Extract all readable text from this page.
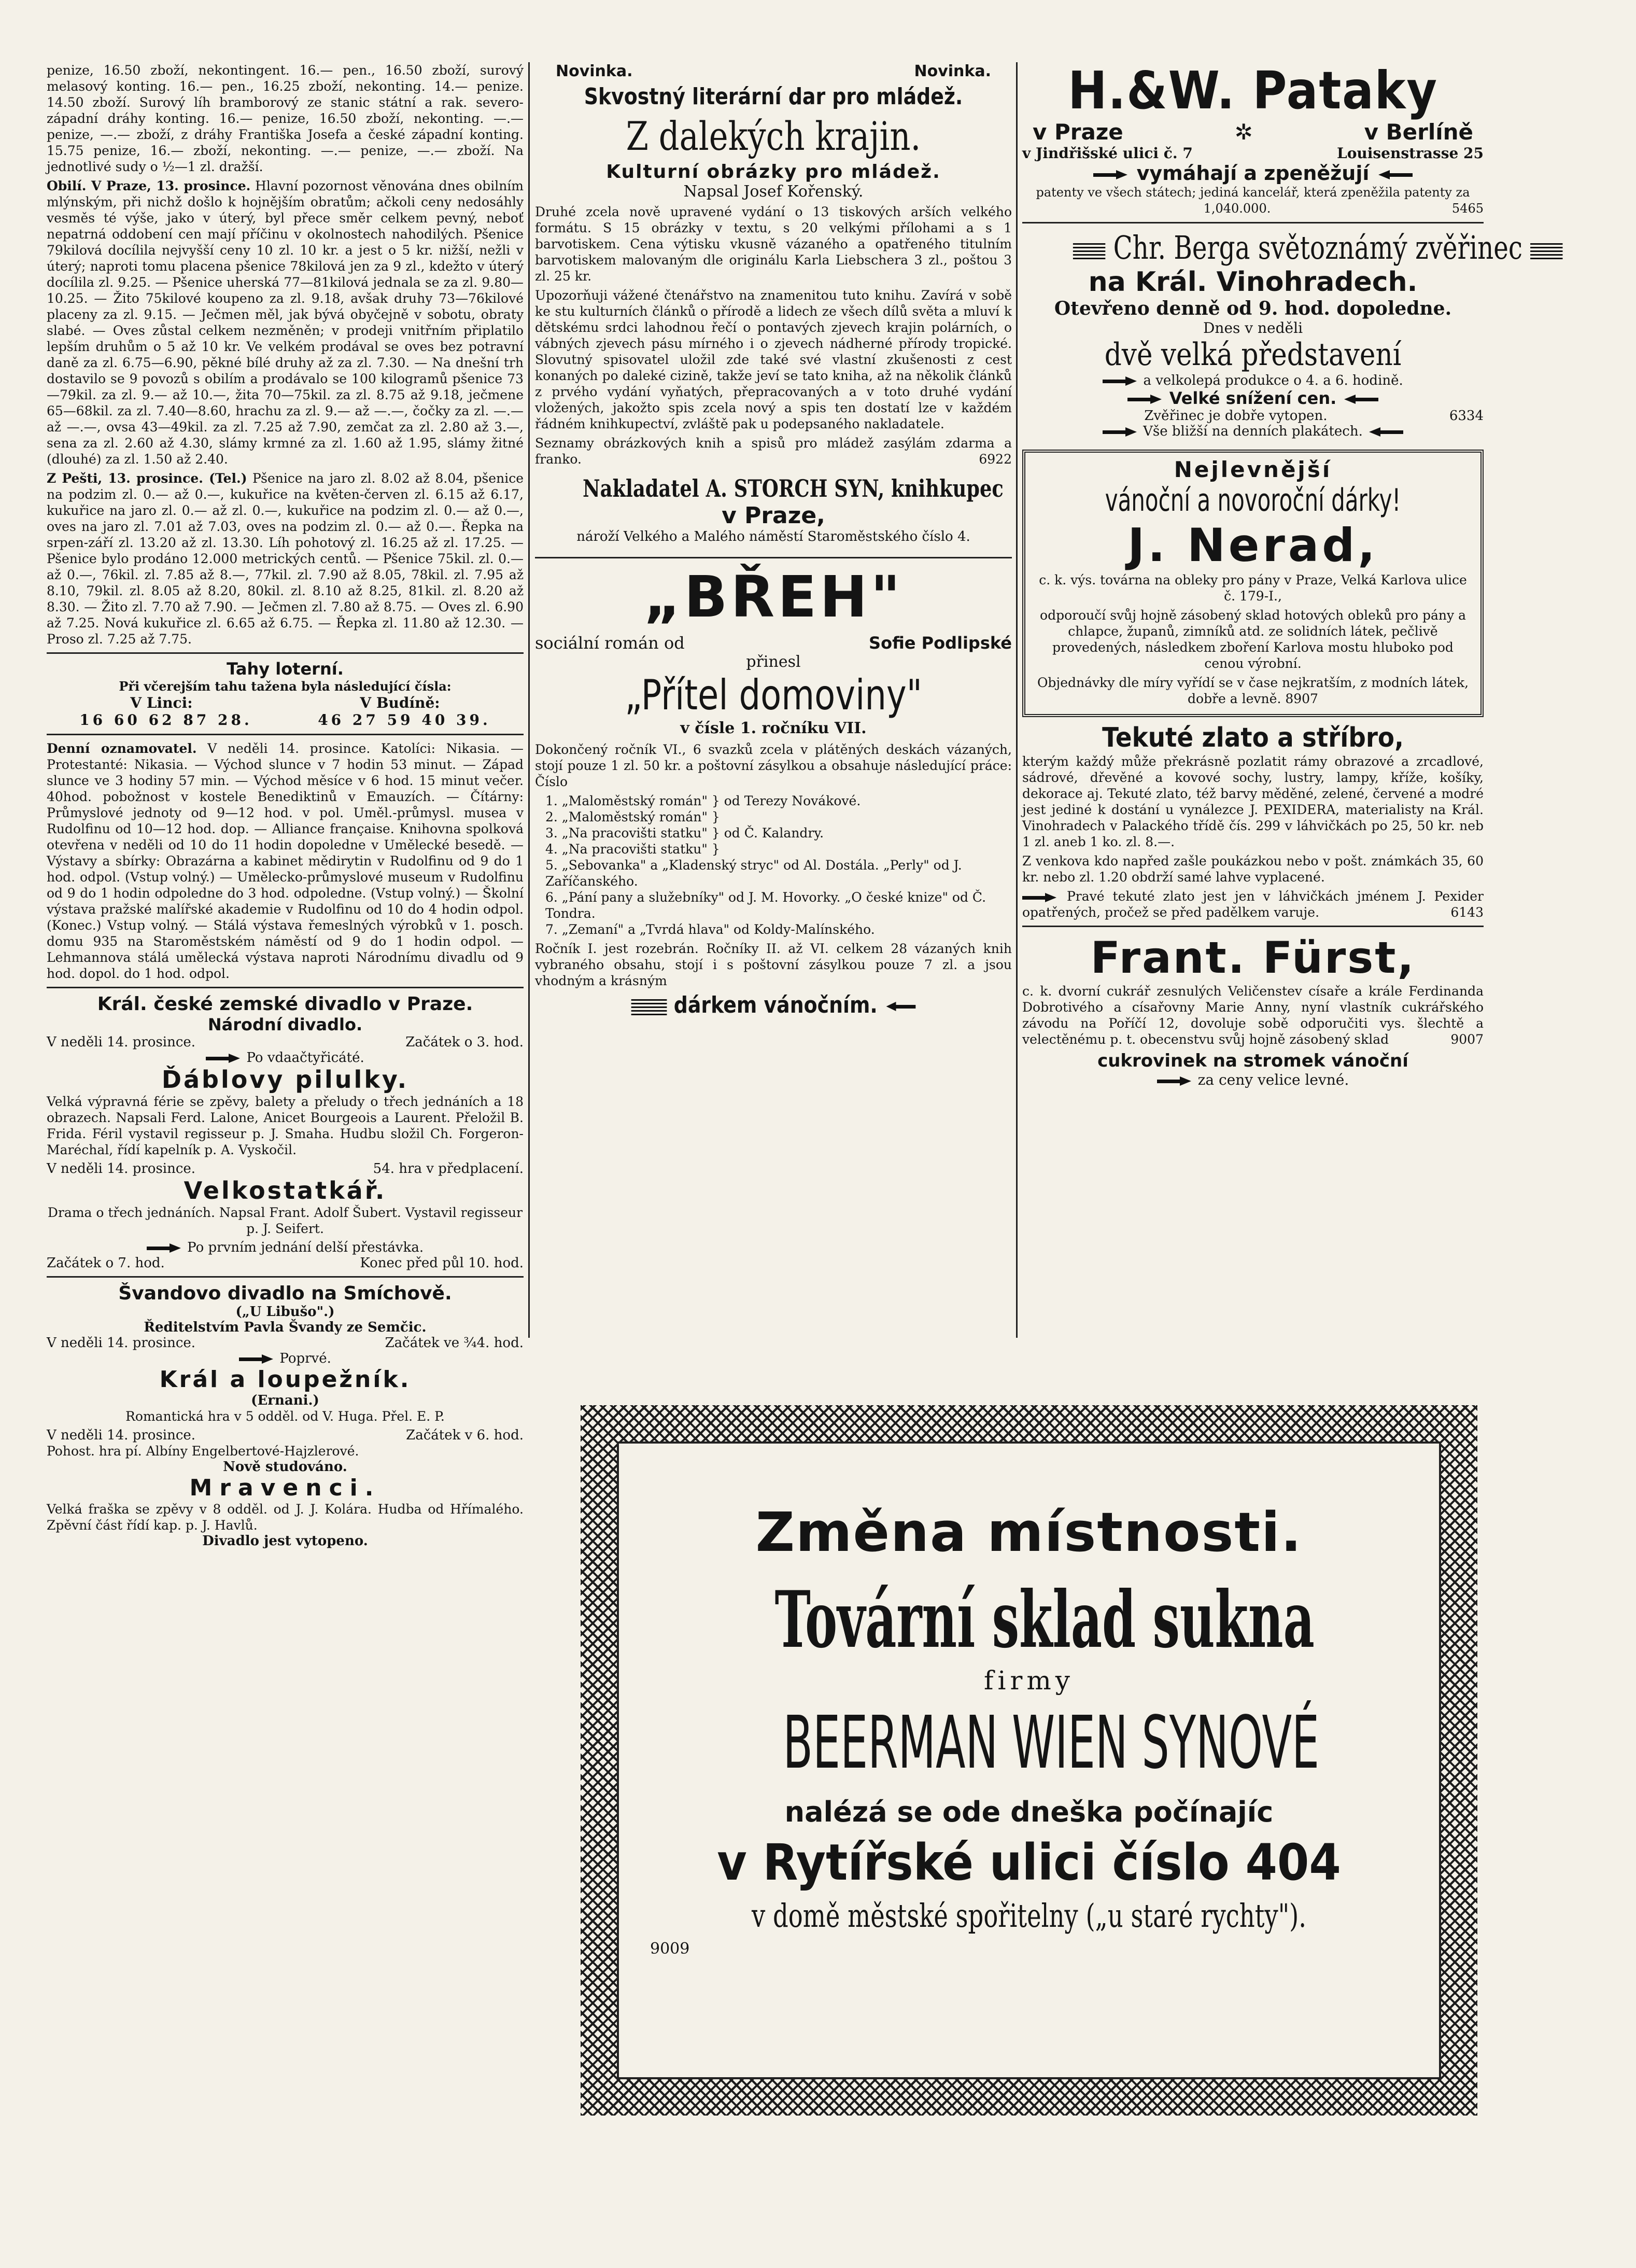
penize, 16.50 zboží, nekontingent. 16.— pen., 16.50 zboží, surový melasový konting. 16.— pen., 16.25 zboží, nekonting. 14.— penize. 14.50 zboží. Surový líh bramborový ze stanic státní a rak. severo-západní dráhy konting. 16.— penize, 16.50 zboží, nekonting. —.— penize, —.— zboží, z dráhy Františka Josefa a české západní konting. 15.75 penize, 16.— zboží, nekonting. —.— penize, —.— zboží. Na jednotlivé sudy o ½—1 zl. dražší.

Obilí. V Praze, 13. prosince. Hlavní pozornost věnována dnes obilním mlýnským, při nichž došlo k hojnějším obratům; ačkoli ceny nedosáhly vesměs té výše, jako v úterý, byl přece směr celkem pevný, neboť nepatrná oddobení cen mají příčinu v okolnostech nahodilých. Pšenice 79kilová docílila nejvyšší ceny 10 zl. 10 kr. a jest o 5 kr. nižší, nežli v úterý; naproti tomu placena pšenice 78kilová jen za 9 zl., kdežto v úterý docílila zl. 9.25. — Pšenice uherská 77—81kilová jednala se za zl. 9.80—10.25. — Žito 75kilové koupeno za zl. 9.18, avšak druhy 73—76kilové placeny za zl. 9.15. — Ječmen měl, jak bývá obyčejně v sobotu, obraty slabé. — Oves zůstal celkem nezměněn; v prodeji vnitřním připlatilo lepším druhům o 5 až 10 kr. Ve velkém prodával se oves bez potravní daně za zl. 6.75—6.90, pěkné bílé druhy až za zl. 7.30. — Na dnešní trh dostavilo se 9 povozů s obilím a prodávalo se 100 kilogramů pšenice 73—79kil. za zl. 9.— až 10.—, žita 70—75kil. za zl. 8.75 až 9.18, ječmene 65—68kil. za zl. 7.40—8.60, hrachu za zl. 9.— až —.—, čočky za zl. —.— až —.—, ovsa 43—49kil. za zl. 7.25 až 7.90, zemčat za zl. 2.80 až 3.—, sena za zl. 2.60 až 4.30, slámy krmné za zl. 1.60 až 1.95, slámy žitné (dlouhé) za zl. 1.50 až 2.40.

Z Pešti, 13. prosince. (Tel.) Pšenice na jaro zl. 8.02 až 8.04, pšenice na podzim zl. 0.— až 0.—, kukuřice na květen-červen zl. 6.15 až 6.17, kukuřice na jaro zl. 0.— až zl. 0.—, kukuřice na podzim zl. 0.— až 0.—, oves na jaro zl. 7.01 až 7.03, oves na podzim zl. 0.— až 0.—. Řepka na srpen-září zl. 13.20 až zl. 13.30. Líh pohotový zl. 16.25 až zl. 17.25. — Pšenice bylo prodáno 12.000 metrických centů. — Pšenice 75kil. zl. 0.— až 0.—, 76kil. zl. 7.85 až 8.—, 77kil. zl. 7.90 až 8.05, 78kil. zl. 7.95 až 8.10, 79kil. zl. 8.05 až 8.20, 80kil. zl. 8.10 až 8.25, 81kil. zl. 8.20 až 8.30. — Žito zl. 7.70 až 7.90. — Ječmen zl. 7.80 až 8.75. — Oves zl. 6.90 až 7.25. Nová kukuřice zl. 6.65 až 6.75. — Řepka zl. 11.80 až 12.30. — Proso zl. 7.25 až 7.75.

Tahy loterní.
Při včerejším tahu tažena byla následující čísla:
V Linci:	V Budíně:
16 60 62 87 28.	46 27 59 40 39.

Denní oznamovatel. V neděli 14. prosince. Katolíci: Nikasia. — Protestanté: Nikasia. — Východ slunce v 7 hodin 53 minut. — Západ slunce ve 3 hodiny 57 min. — Východ měsíce v 6 hod. 15 minut večer. 40hod. pobožnost v kostele Benediktinů v Emauzích. — Čítárny: Průmyslové jednoty od 9—12 hod. v pol. Uměl.-průmysl. musea v Rudolfinu od 10—12 hod. dop. — Alliance française. Knihovna spolková otevřena v neděli od 10 do 11 hodin dopoledne v Umělecké besedě. — Výstavy a sbírky: Obrazárna a kabinet mědirytin v Rudolfinu od 9 do 1 hod. odpol. (Vstup volný.) — Umělecko-průmyslové museum v Rudolfinu od 9 do 1 hodin odpoledne do 3 hod. odpoledne. (Vstup volný.) — Školní výstava pražské malířské akademie v Rudolfinu od 10 do 4 hodin odpol. (Konec.) Vstup volný. — Stálá výstava řemeslných výrobků v 1. posch. domu 935 na Staroměstském náměstí od 9 do 1 hodin odpol. — Lehmannova stálá umělecká výstava naproti Národnímu divadlu od 9 hod. dopol. do 1 hod. odpol.

Král. české zemské divadlo v Praze.
Národní divadlo.
V neděli 14. prosince.	Začátek o 3. hod.
Po vdaačtyřicáté.
Ďáblovy pilulky.

Velká výpravná férie se zpěvy, balety a přeludy o třech jednáních a 18 obrazech. Napsali Ferd. Lalone, Anicet Bourgeois a Laurent. Přeložil B. Frida. Féril vystavil regisseur p. J. Smaha. Hudbu složil Ch. Forgeron-Maréchal, řídí kapelník p. A. Vyskočil.

V neděli 14. prosince.	54. hra v předplacení.
Velkostatkář.

Drama o třech jednáních. Napsal Frant. Adolf Šubert. Vystavil regisseur p. J. Seifert.

Po prvním jednání delší přestávka.
Začátek o 7. hod.	Konec před půl 10. hod.
Švandovo divadlo na Smíchově.
(„U Libušo".)
Ředitelstvím Pavla Švandy ze Semčic.
V neděli 14. prosince.	Začátek ve ¾4. hod.
Poprvé.
Král a loupežník.
(Ernani.)

Romantická hra v 5 odděl. od V. Huga. Přel. E. P.

V neděli 14. prosince.	Začátek v 6. hod.

Pohost. hra pí. Albíny Engelbertové-Hajzlerové.

Nově studováno.
Mravenci.

Velká fraška se zpěvy v 8 odděl. od J. J. Kolára. Hudba od Hřímalého. Zpěvní část řídí kap. p. J. Havlů.

Divadlo jest vytopeno.
Novinka.	Novinka.
Skvostný literární dar pro mládež.
Z dalekých krajin.
Kulturní obrázky pro mládež.
Napsal Josef Kořenský.

Druhé zcela nově upravené vydání o 13 tiskových arších velkého formátu. S 15 obrázky v textu, s 20 velkými přílohami a s 1 barvotiskem. Cena výtisku vkusně vázaného a opatřeného titulním barvotiskem malovaným dle originálu Karla Liebschera 3 zl., poštou 3 zl. 25 kr.

Upozorňuji vážené čtenářstvo na znamenitou tuto knihu. Zavírá v sobě ke stu kulturních článků o přírodě a lidech ze všech dílů světa a mluví k dětskému srdci lahodnou řečí o pontavých zjevech krajin polárních, o vábných zjevech pásu mírného i o zjevech nádherné přírody tropické. Slovutný spisovatel uložil zde také své vlastní zkušenosti z cest konaných po daleké cizině, takže jeví se tato kniha, až na několik článků z prvého vydání vyňatých, přepracovaných a v toto druhé vydání vložených, jakožto spis zcela nový a spis ten dostatí lze v každém řádném knihkupectví, zvláště pak u podepsaného nakladatele.

Seznamy obrázkových knih a spisů pro mládež zasýlám zdarma a franko.	6922

Nakladatel A. STORCH SYN, knihkupec
v Praze,
nároží Velkého a Malého náměstí Staroměstského číslo 4.
„BŘEH"
sociální román od	Sofie Podlipské
přinesl
„Přítel domoviny"
v čísle 1. ročníku VII.

Dokončený ročník VI., 6 svazků zcela v plátěných deskách vázaných, stojí pouze 1 zl. 50 kr. a poštovní zásylkou a obsahuje následující práce: Číslo

1. „Maloměstský román" } od Terezy Novákové.
2. „Maloměstský román" }
3. „Na pracovišti statku" } od Č. Kalandry.
4. „Na pracovišti statku" }
5. „Sebovanka" a „Kladenský stryc" od Al. Dostála. „Perly" od J. Zaříčanského.
6. „Pání pany a služebníky" od J. M. Hovorky. „O české knize" od Č. Tondra.
7. „Zemaní" a „Tvrdá hlava" od Koldy-Malínského.

Ročník I. jest rozebrán. Ročníky II. až VI. celkem 28 vázaných knih vybraného obsahu, stojí i s poštovní zásylkou pouze 7 zl. a jsou vhodným a krásným

dárkem vánočním.
H.&W. Pataky
v Praze	✲	v Berlíně
v Jindřišské ulici č. 7	Louisenstrasse 25
vymáhají a zpeněžují

patenty ve všech státech; jediná kancelář, která zpeněžila patenty za 1,040.000.	5465

Chr. Berga světoznámý zvěřinec
na Král. Vinohradech.
Otevřeno denně od 9. hod. dopoledne.
Dnes v neděli
dvě velká představení
a velkolepá produkce o 4. a 6. hodině.
Velké snížení cen.
Zvěřinec je dobře vytopen.	6334
Vše bližší na denních plakátech.
Nejlevnější
vánoční a novoroční dárky!
J. Nerad,

c. k. výs. továrna na obleky pro pány v Praze, Velká Karlova ulice č. 179-I.,

odporoučí svůj hojně zásobený sklad hotových obleků pro pány a chlapce, županů, zimníků atd. ze solidních látek, pečlivě provedených, následkem zboření Karlova mostu hluboko pod cenou výrobní.

Objednávky dle míry vyřídí se v čase nejkratším, z modních látek, dobře a levně. 8907

Tekuté zlato a stříbro,

kterým každý může překrásně pozlatit rámy obrazové a zrcadlové, sádrové, dřevěné a kovové sochy, lustry, lampy, kříže, košíky, dekorace aj. Tekuté zlato, též barvy měděné, zelené, červené a modré jest jediné k dostání u vynálezce J. PEXIDERA, materialisty na Král. Vinohradech v Palackého třídě čís. 299 v láhvičkách po 25, 50 kr. neb 1 zl. aneb 1 ko. zl. 8.—.

Z venkova kdo napřed zašle poukázkou nebo v pošt. známkách 35, 60 kr. nebo zl. 1.20 obdrží samé lahve vyplacené.

Pravé tekuté zlato jest jen v láhvičkách jménem J. Pexider opatřených, pročež se před padělkem varuje.	6143

Frant. Fürst,

c. k. dvorní cukrář zesnulých Veličenstev císaře a krále Ferdinanda Dobrotivého a císařovny Marie Anny, nyní vlastník cukrářského závodu na Poříčí 12, dovoluje sobě odporučiti vys. šlechtě a velectěnému p. t. obecenstvu svůj hojně zásobený sklad	9007

cukrovinek na stromek vánoční
za ceny velice levné.
Změna místnosti.
Tovární sklad sukna
firmy
BEERMAN WIEN SYNOVÉ
nalézá se ode dneška počínajíc
v Rytířské ulici číslo 404
v domě městské spořitelny („u staré rychty").
9009
